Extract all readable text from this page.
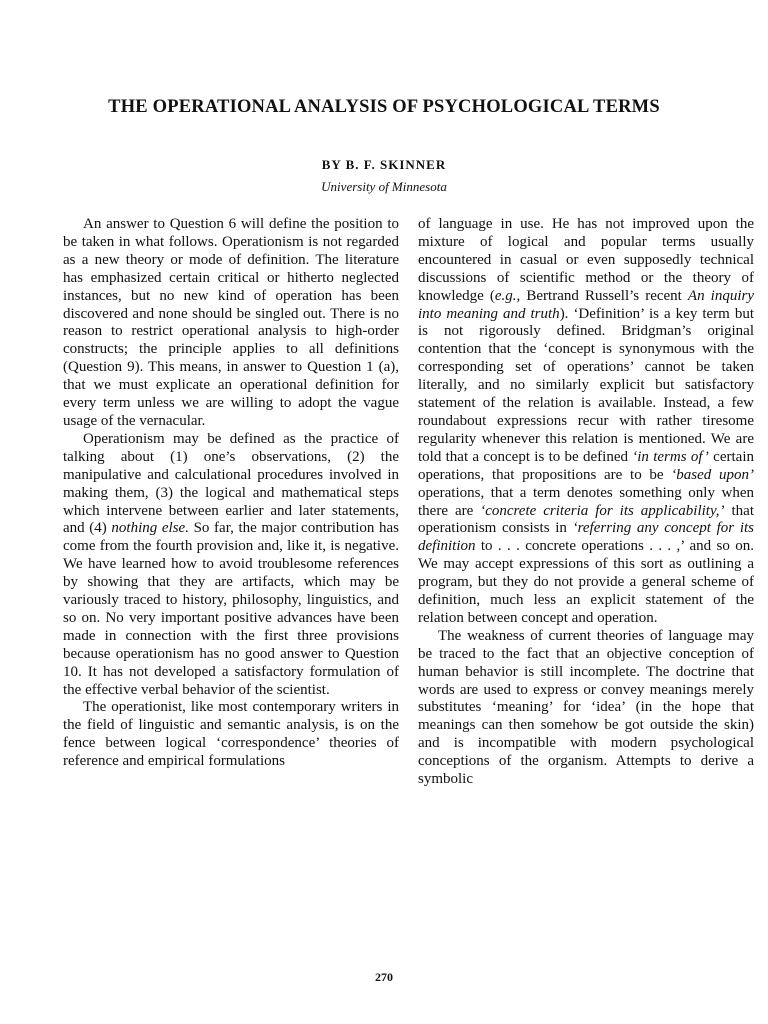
THE OPERATIONAL ANALYSIS OF PSYCHOLOGICAL TERMS
BY B. F. SKINNER
University of Minnesota

An answer to Question 6 will define the position to be taken in what follows. Operationism is not regarded as a new theory or mode of definition. The literature has emphasized certain critical or hitherto neglected instances, but no new kind of operation has been discovered and none should be singled out. There is no reason to restrict operational analysis to high-order constructs; the principle applies to all definitions (Question 9). This means, in answer to Question 1 (a), that we must explicate an operational definition for every term unless we are willing to adopt the vague usage of the vernacular.

Operationism may be defined as the practice of talking about (1) one’s observations, (2) the manipulative and calculational procedures involved in making them, (3) the logical and mathematical steps which intervene between earlier and later statements, and (4) nothing else. So far, the major contribution has come from the fourth provision and, like it, is negative. We have learned how to avoid troublesome references by showing that they are artifacts, which may be variously traced to history, philosophy, linguistics, and so on. No very important positive advances have been made in connection with the first three provisions because operationism has no good answer to Question 10. It has not developed a satisfactory formulation of the effective verbal behavior of the scientist.

The operationist, like most contemporary writers in the field of linguistic and semantic analysis, is on the fence between logical ‘correspondence’ theories of reference and empirical formulations

of language in use. He has not improved upon the mixture of logical and popular terms usually encountered in casual or even supposedly technical discussions of scientific method or the theory of knowledge (e.g., Bertrand Russell’s recent An inquiry into meaning and truth). ‘Definition’ is a key term but is not rigorously defined. Bridgman’s original contention that the ‘concept is synonymous with the corresponding set of operations’ cannot be taken literally, and no similarly explicit but satisfactory statement of the relation is available. Instead, a few roundabout expressions recur with rather tiresome regularity whenever this relation is mentioned. We are told that a concept is to be defined ‘in terms of’ certain operations, that propositions are to be ‘based upon’ operations, that a term denotes something only when there are ‘concrete criteria for its applicability,’ that operationism consists in ‘referring any concept for its definition to . . . concrete operations . . . ,’ and so on. We may accept expressions of this sort as outlining a program, but they do not provide a general scheme of definition, much less an explicit statement of the relation between concept and operation.

The weakness of current theories of language may be traced to the fact that an objective conception of human behavior is still incomplete. The doctrine that words are used to express or convey meanings merely substitutes ‘meaning’ for ‘idea’ (in the hope that meanings can then somehow be got outside the skin) and is incompatible with modern psychological conceptions of the organism. Attempts to derive a symbolic

270
